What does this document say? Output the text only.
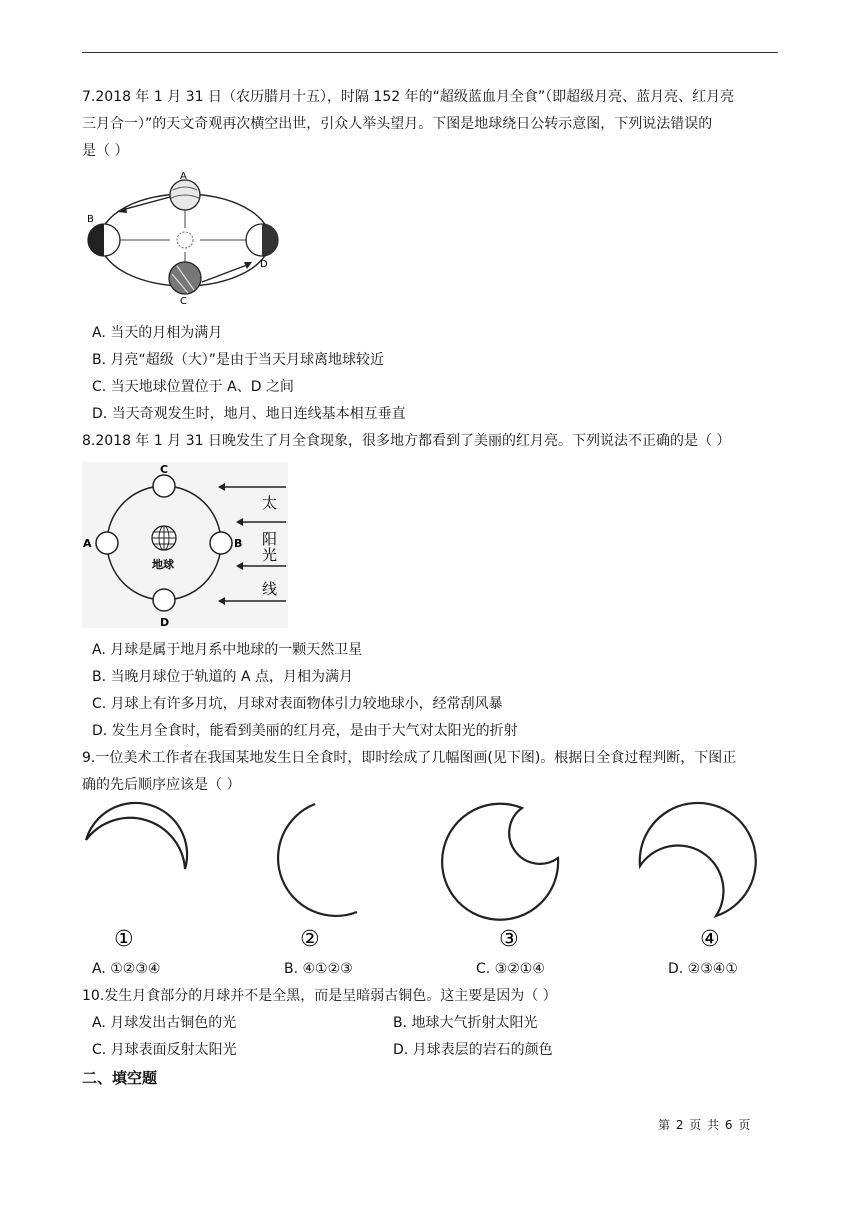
7.2018 年 1 月 31 日（农历腊月十五），时隔 152 年的“超级蓝血月全食”（即超级月亮、蓝月亮、红月亮
三月合一）”的天文奇观再次横空出世，引众人举头望月。下图是地球绕日公转示意图，下列说法错误的
是（ ）
A
B
C
D
A. 当天的月相为满月
B. 月亮“超级（大）”是由于当天月球离地球较近
C. 当天地球位置位于 A、D 之间
D. 当天奇观发生时，地月、地日连线基本相互垂直
8.2018 年 1 月 31 日晚发生了月全食现象，很多地方都看到了美丽的红月亮。下列说法不正确的是（ ）
地球
C
A	B
D
太
阳
光
线
A. 月球是属于地月系中地球的一颗天然卫星
B. 当晚月球位于轨道的 A 点，月相为满月
C. 月球上有许多月坑，月球对表面物体引力较地球小，经常刮风暴
D. 发生月全食时，能看到美丽的红月亮，是由于大气对太阳光的折射
9.一位美术工作者在我国某地发生日全食时，即时绘成了几幅图画(见下图)。根据日全食过程判断，下图正
确的先后顺序应该是（ ）
①	②	③	④
A. ①②③④	B. ④①②③	C. ③②①④	D. ②③④①
10.发生月食部分的月球并不是全黑，而是呈暗弱古铜色。这主要是因为（ ）
A. 月球发出古铜色的光	B. 地球大气折射太阳光
C. 月球表面反射太阳光	D. 月球表层的岩石的颜色
二、填空题
第 2 页 共 6 页
